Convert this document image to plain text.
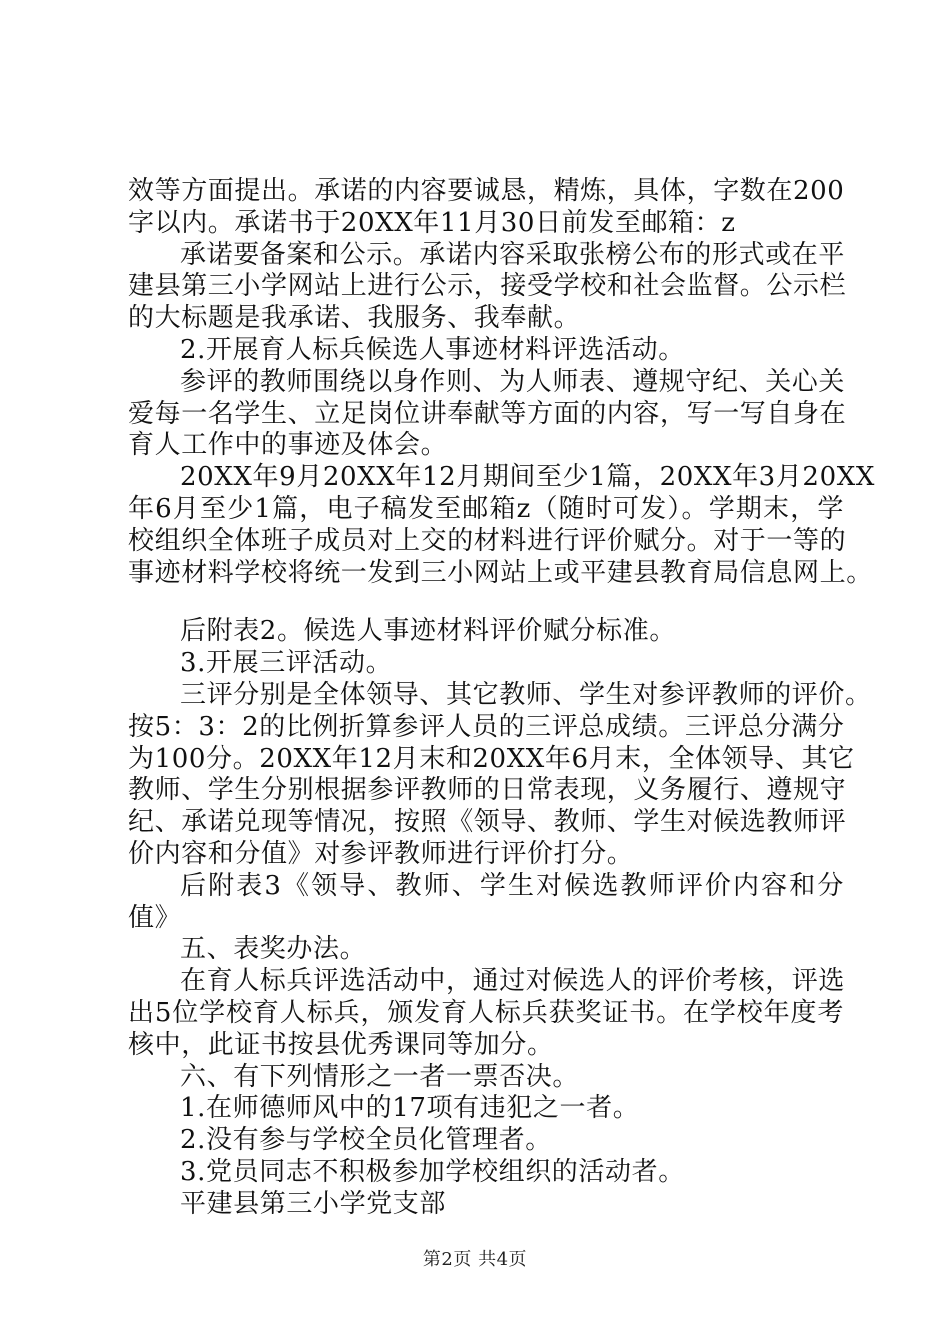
效等方面提出。承诺的内容要诚恳，精炼，具体，字数在200
字以内。承诺书于20XX年11月30日前发至邮箱：z
承诺要备案和公示。承诺内容采取张榜公布的形式或在平
建县第三小学网站上进行公示，接受学校和社会监督。公示栏
的大标题是我承诺、我服务、我奉献。
2.开展育人标兵候选人事迹材料评选活动。
参评的教师围绕以身作则、为人师表、遵规守纪、关心关
爱每一名学生、立足岗位讲奉献等方面的内容，写一写自身在
育人工作中的事迹及体会。
20XX年9月20XX年12月期间至少1篇，20XX年3月20XX
年6月至少1篇，电子稿发至邮箱z（随时可发）。学期末，学
校组织全体班子成员对上交的材料进行评价赋分。对于一等的
事迹材料学校将统一发到三小网站上或平建县教育局信息网上。
后附表2。候选人事迹材料评价赋分标准。
3.开展三评活动。
三评分别是全体领导、其它教师、学生对参评教师的评价。
按5：3：2的比例折算参评人员的三评总成绩。三评总分满分
为100分。20XX年12月末和20XX年6月末，全体领导、其它
教师、学生分别根据参评教师的日常表现，义务履行、遵规守
纪、承诺兑现等情况，按照《领导、教师、学生对候选教师评
价内容和分值》对参评教师进行评价打分。
后附表3《领导、教师、学生对候选教师评价内容和分
值》
五、表奖办法。
在育人标兵评选活动中，通过对候选人的评价考核，评选
出5位学校育人标兵，颁发育人标兵获奖证书。在学校年度考
核中，此证书按县优秀课同等加分。
六、有下列情形之一者一票否决。
1.在师德师风中的17项有违犯之一者。
2.没有参与学校全员化管理者。
3.党员同志不积极参加学校组织的活动者。
平建县第三小学党支部
第2页 共4页
